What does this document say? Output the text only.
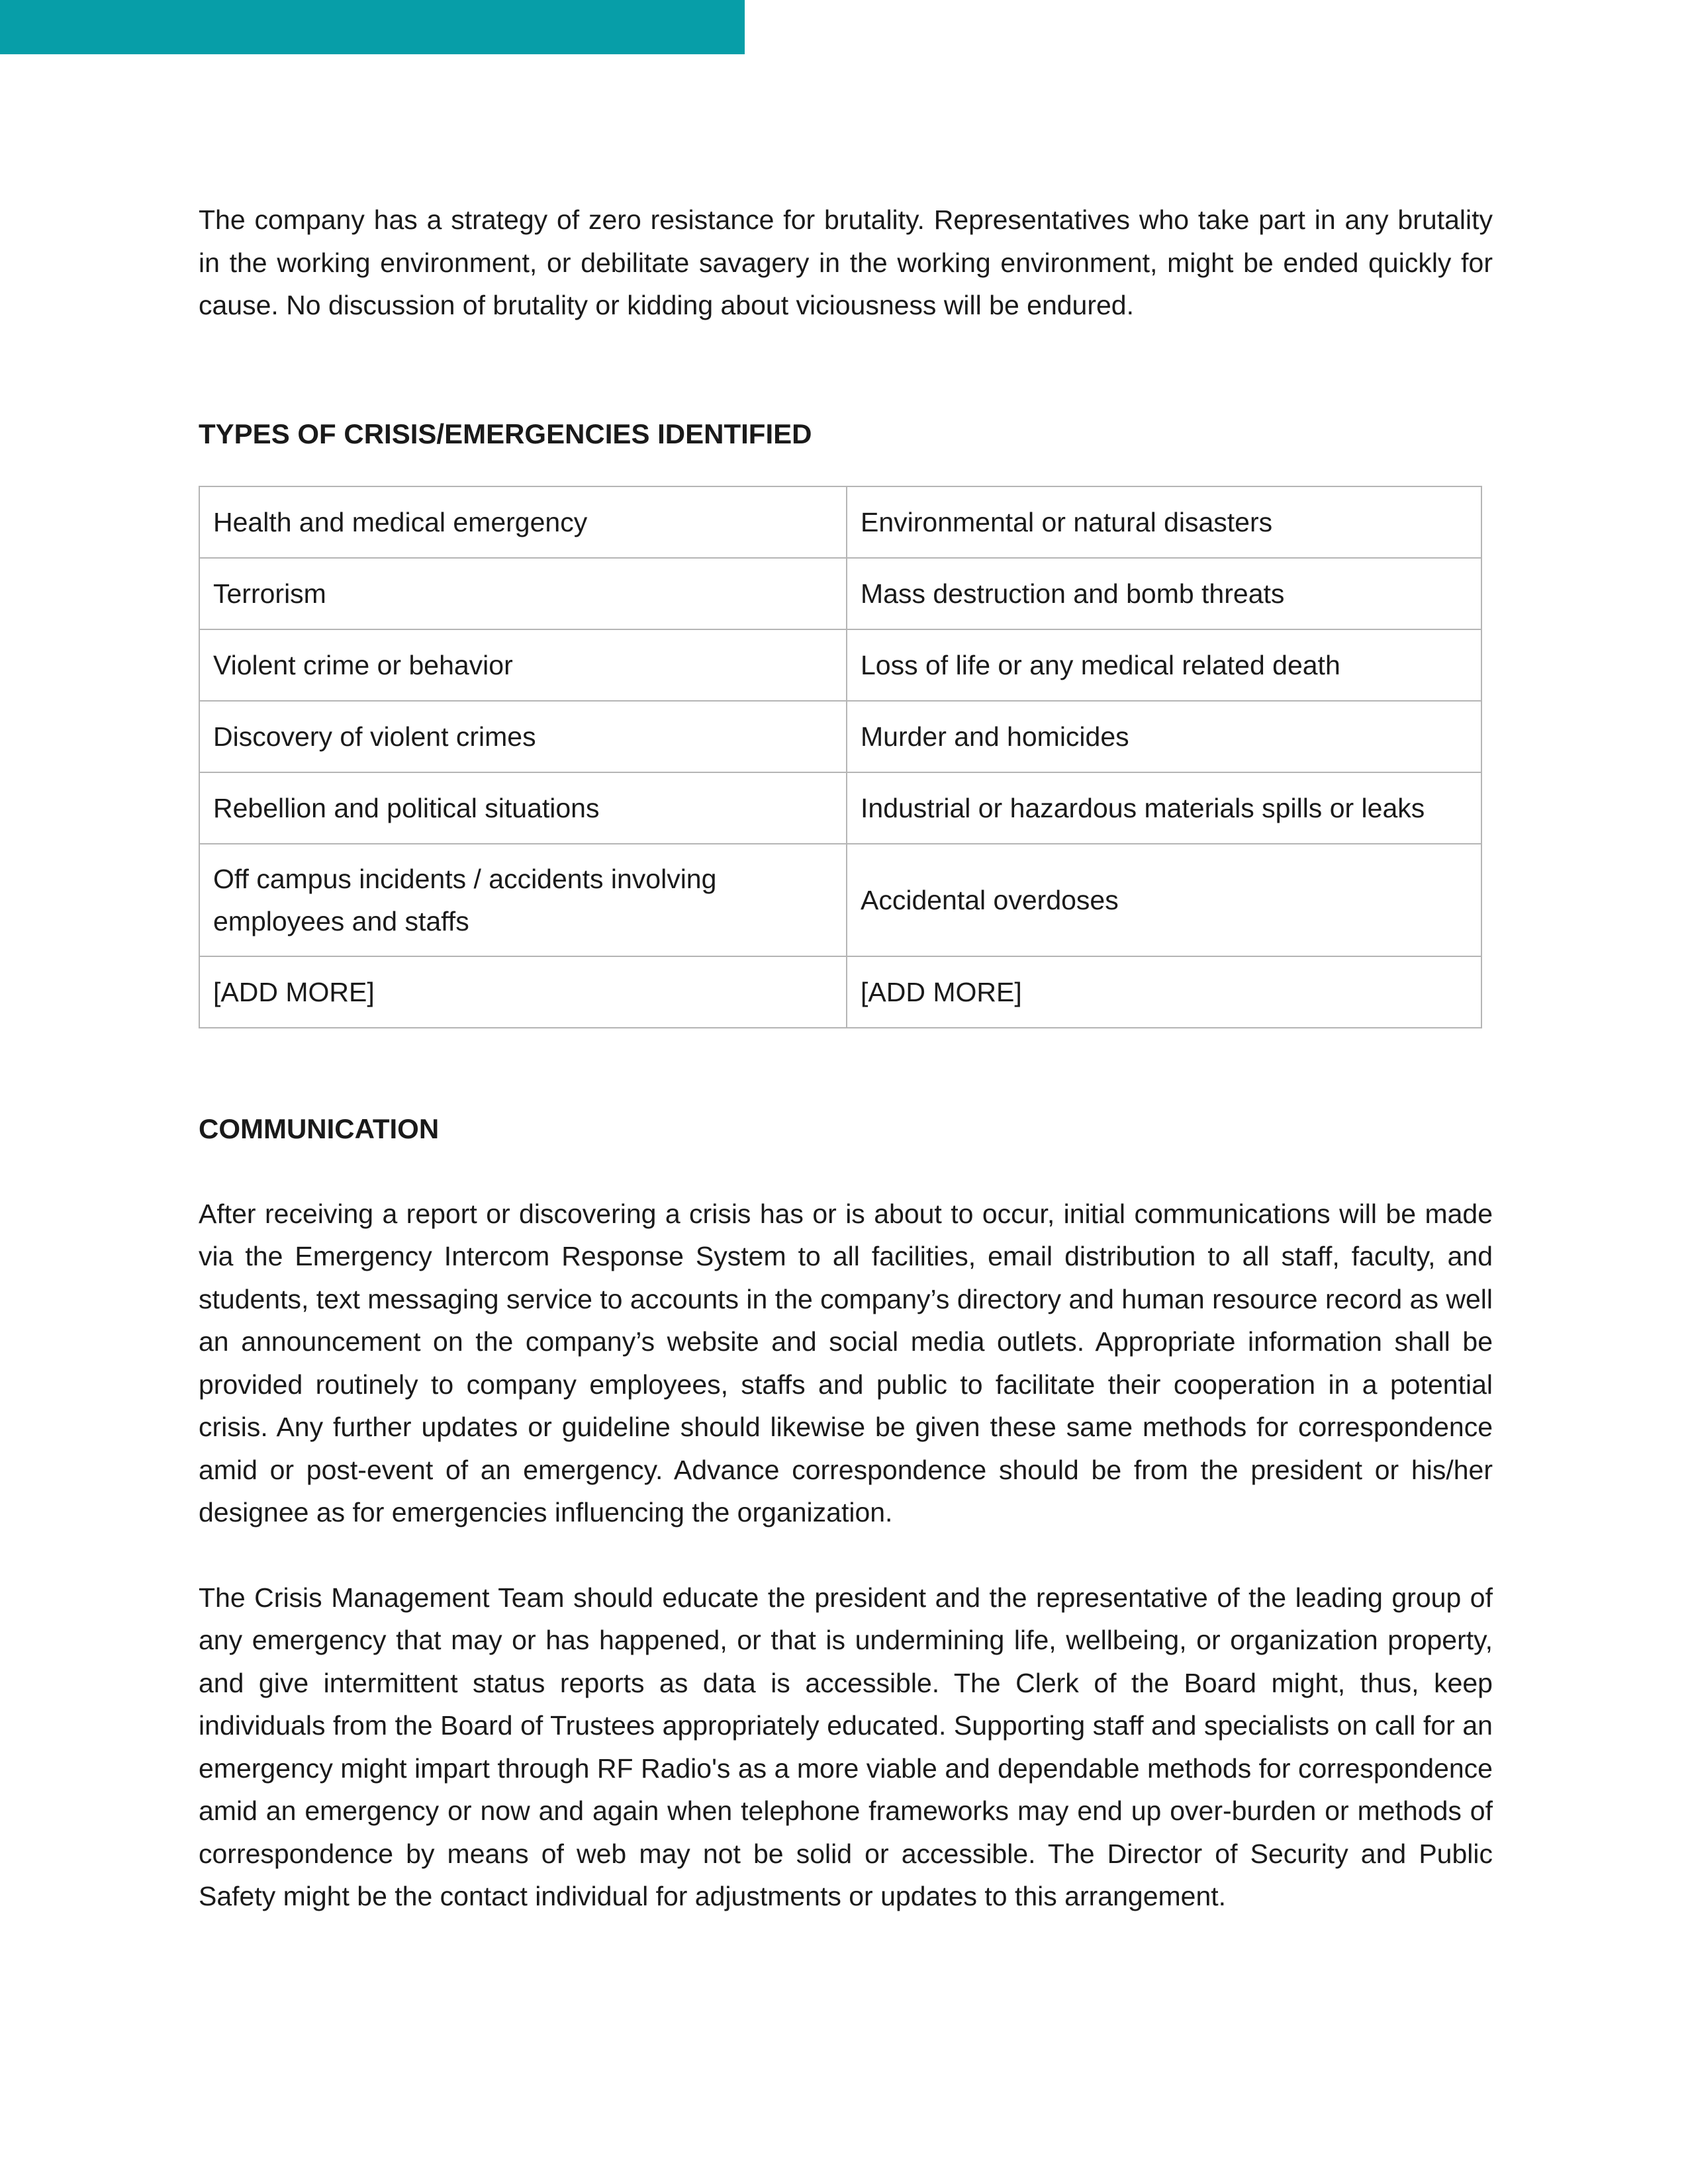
The company has a strategy of zero resistance for brutality. Representatives who take part in any brutality in the working environment, or debilitate savagery in the working environment, might be ended quickly for cause. No discussion of brutality or kidding about viciousness will be endured.

TYPES OF CRISIS/EMERGENCIES IDENTIFIED
Health and medical emergency	Environmental or natural disasters
Terrorism	Mass destruction and bomb threats
Violent crime or behavior	Loss of life or any medical related death
Discovery of violent crimes	Murder and homicides
Rebellion and political situations	Industrial or hazardous materials spills or leaks
Off campus incidents / accidents involving employees and staffs	Accidental overdoses
[ADD MORE]	[ADD MORE]
COMMUNICATION

After receiving a report or discovering a crisis has or is about to occur, initial communications will be made via the Emergency Intercom Response System to all facilities, email distribution to all staff, faculty, and students, text messaging service to accounts in the company’s directory and human resource record as well an announcement on the company’s website and social media outlets. Appropriate information shall be provided routinely to company employees, staffs and public to facilitate their cooperation in a potential crisis. Any further updates or guideline should likewise be given these same methods for correspondence amid or post-event of an emergency. Advance correspondence should be from the president or his/her designee as for emergencies influencing the organization.

The Crisis Management Team should educate the president and the representative of the leading group of any emergency that may or has happened, or that is undermining life, wellbeing, or organization property, and give intermittent status reports as data is accessible. The Clerk of the Board might, thus, keep individuals from the Board of Trustees appropriately educated. Supporting staff and specialists on call for an emergency might impart through RF Radio's as a more viable and dependable methods for correspondence amid an emergency or now and again when telephone frameworks may end up over-burden or methods of correspondence by means of web may not be solid or accessible. The Director of Security and Public Safety might be the contact individual for adjustments or updates to this arrangement.
